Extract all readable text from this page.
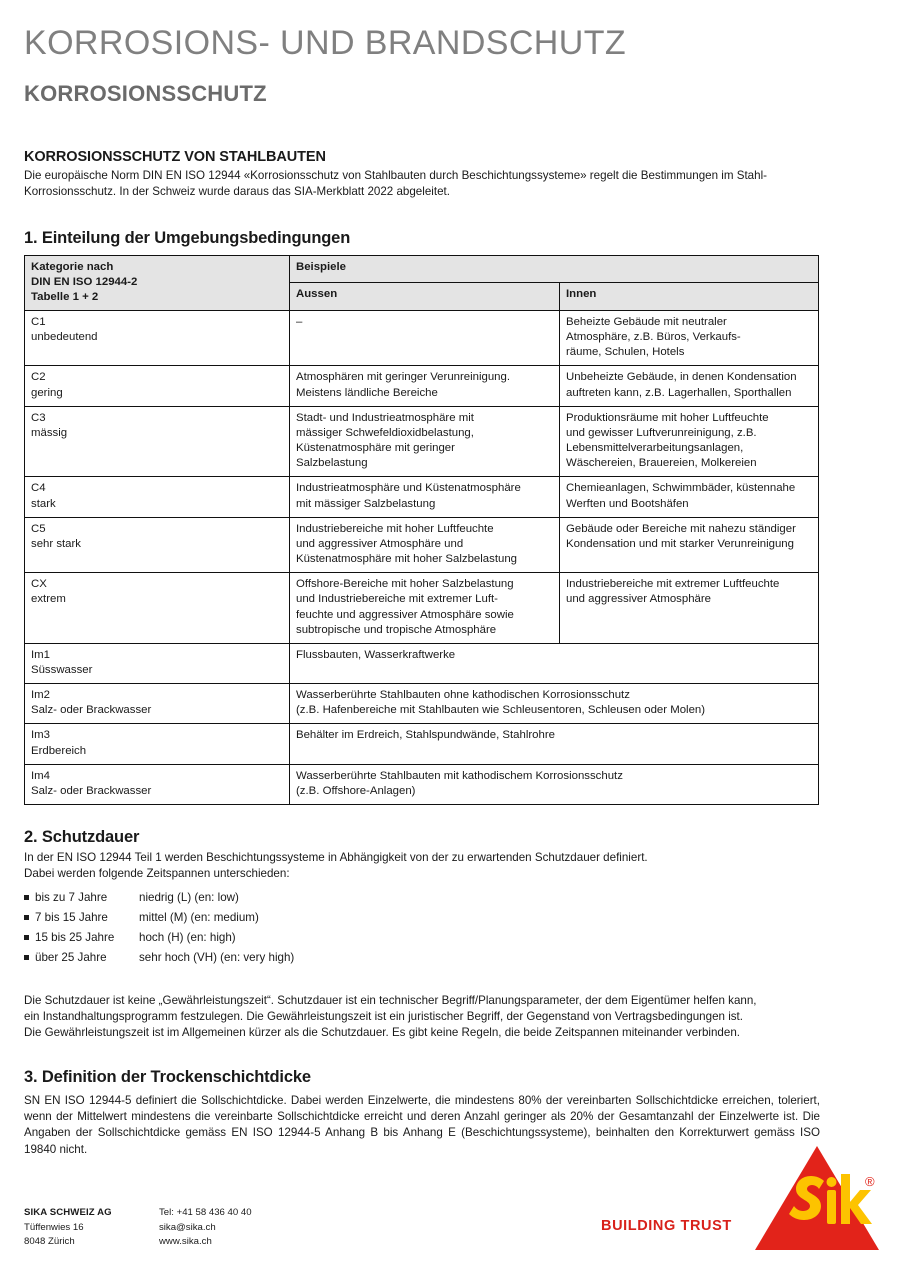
KORROSIONS- UND BRANDSCHUTZ
KORROSIONSSCHUTZ
KORROSIONSSCHUTZ VON STAHLBAUTEN

Die europäische Norm DIN EN ISO 12944 «Korrosionsschutz von Stahlbauten durch Beschichtungssysteme» regelt die Bestimmungen im Stahl-Korrosionsschutz. In der Schweiz wurde daraus das SIA-Merkblatt 2022 abgeleitet.

1. Einteilung der Umgebungsbedingungen
Kategorie nach
DIN EN ISO 12944-2
Tabelle 1 + 2	Beispiele	
	Aussen	Innen

C1
unbedeutend	–	Beheizte Gebäude mit neutraler
Atmosphäre, z.B. Büros, Verkaufs-
räume, Schulen, Hotels

C2
gering	Atmosphären mit geringer Verunreinigung.
Meistens ländliche Bereiche	Unbeheizte Gebäude, in denen Kondensation
auftreten kann, z.B. Lagerhallen, Sporthallen

C3
mässig	Stadt- und Industrieatmosphäre mit
mässiger Schwefeldioxidbelastung,
Küstenatmosphäre mit geringer
Salzbelastung	Produktionsräume mit hoher Luftfeuchte
und gewisser Luftverunreinigung, z.B.
Lebensmittelverarbeitungsanlagen,
Wäschereien, Brauereien, Molkereien

C4
stark	Industrieatmosphäre und Küstenatmosphäre
mit mässiger Salzbelastung	Chemieanlagen, Schwimmbäder, küstennahe
Werften und Bootshäfen

C5
sehr stark	Industriebereiche mit hoher Luftfeuchte
und aggressiver Atmosphäre und
Küstenatmosphäre mit hoher Salzbelastung	Gebäude oder Bereiche mit nahezu ständiger
Kondensation und mit starker Verunreinigung

CX
extrem	Offshore-Bereiche mit hoher Salzbelastung
und Industriebereiche mit extremer Luft-
feuchte und aggressiver Atmosphäre sowie
subtropische und tropische Atmosphäre	Industriebereiche mit extremer Luftfeuchte
und aggressiver Atmosphäre

Im1
Süsswasser	Flussbauten, Wasserkraftwerke	

Im2
Salz- oder Brackwasser	Wasserberührte Stahlbauten ohne kathodischen Korrosionsschutz
(z.B. Hafenbereiche mit Stahlbauten wie Schleusentoren, Schleusen oder Molen)	

Im3
Erdbereich	Behälter im Erdreich, Stahlspundwände, Stahlrohre	

Im4
Salz- oder Brackwasser	Wasserberührte Stahlbauten mit kathodischem Korrosionsschutz
(z.B. Offshore-Anlagen)	
2. Schutzdauer

In der EN ISO 12944 Teil 1 werden Beschichtungssysteme in Abhängigkeit von der zu erwartenden Schutzdauer definiert.

Dabei werden folgende Zeitspannen unterschieden:

bis zu 7 Jahre	niedrig (L) (en: low)
7 bis 15 Jahre	mittel (M) (en: medium)
15 bis 25 Jahre	hoch (H) (en: high)
über 25 Jahre	sehr hoch (VH) (en: very high)

Die Schutzdauer ist keine „Gewährleistungszeit“. Schutzdauer ist ein technischer Begriff/Planungsparameter, der dem Eigentümer helfen kann,

ein Instandhaltungsprogramm festzulegen. Die Gewährleistungszeit ist ein juristischer Begriff, der Gegenstand von Vertragsbedingungen ist.

Die Gewährleistungszeit ist im Allgemeinen kürzer als die Schutzdauer. Es gibt keine Regeln, die beide Zeitspannen miteinander verbinden.

3. Definition der Trockenschichtdicke

SN EN ISO 12944-5 definiert die Sollschichtdicke. Dabei werden Einzelwerte, die mindestens 80% der vereinbarten Sollschichtdicke erreichen, toleriert, wenn der Mittelwert mindestens die vereinbarte Sollschichtdicke erreicht und deren Anzahl geringer als 20% der Gesamtanzahl der Einzelwerte ist. Die Angaben der Sollschichtdicke gemäss EN ISO 12944-5 Anhang B bis Anhang E (Beschichtungssysteme), beinhalten den Korrekturwert gemäss ISO 19840 nicht.

SIKA SCHWEIZ AG
Tüffenwies 16
8048 Zürich
Tel: +41 58 436 40 40
sika@sika.ch
www.sika.ch
BUILDING TRUST
®
